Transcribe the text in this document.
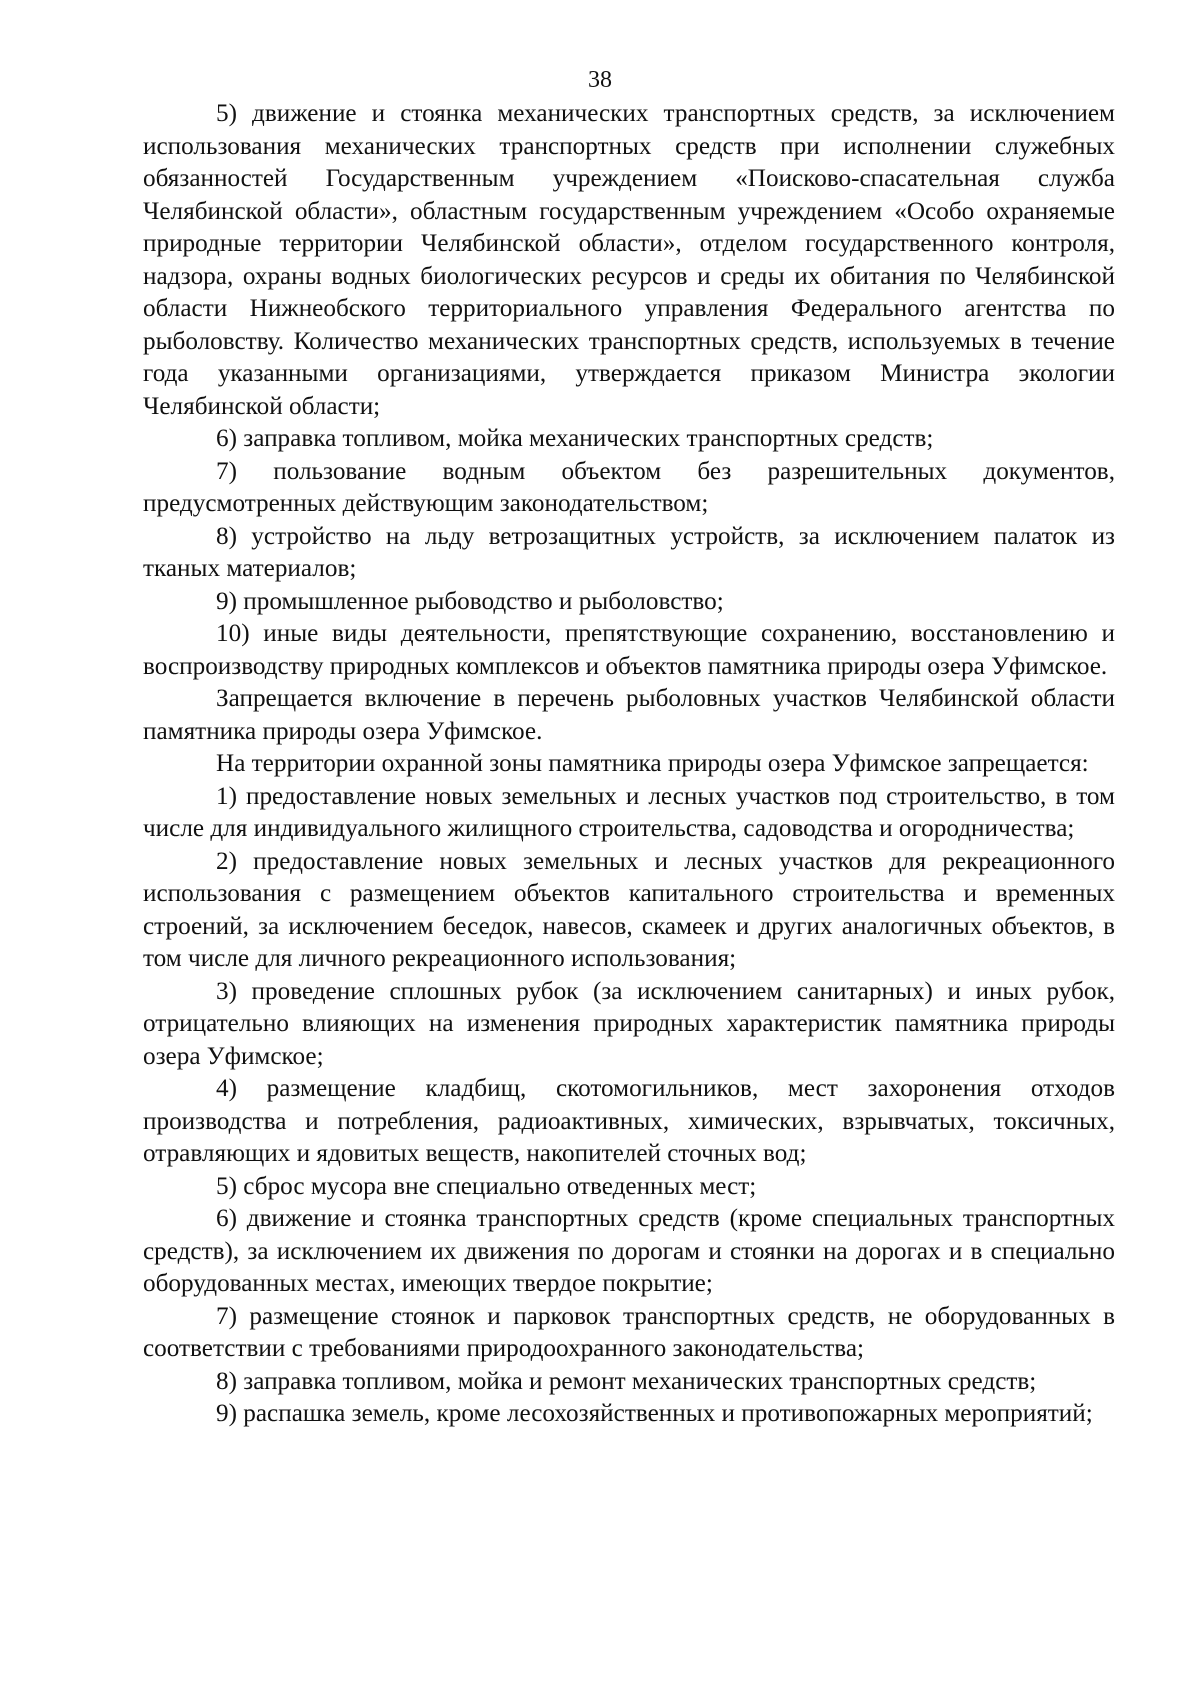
38

5) движение и стоянка механических транспортных средств, за исключением использования механических транспортных средств при исполнении служебных обязанностей Государственным учреждением «Поисково-спасательная служба Челябинской области», областным государственным учреждением «Особо охраняемые природные территории Челябинской области», отделом государственного контроля, надзора, охраны водных биологических ресурсов и среды их обитания по Челябинской области Нижнеобского территориального управления Федерального агентства по рыболовству. Количество механических транспортных средств, используемых в течение года указанными организациями, утверждается приказом Министра экологии Челябинской области;

6) заправка топливом, мойка механических транспортных средств;

7) пользование водным объектом без разрешительных документов, предусмотренных действующим законодательством;

8) устройство на льду ветрозащитных устройств, за исключением палаток из тканых материалов;

9) промышленное рыбоводство и рыболовство;

10) иные виды деятельности, препятствующие сохранению, восстановлению и воспроизводству природных комплексов и объектов памятника природы озера Уфимское.

Запрещается включение в перечень рыболовных участков Челябинской области памятника природы озера Уфимское.

На территории охранной зоны памятника природы озера Уфимское запрещается:

1) предоставление новых земельных и лесных участков под строительство, в том числе для индивидуального жилищного строительства, садоводства и огородничества;

2) предоставление новых земельных и лесных участков для рекреационного использования с размещением объектов капитального строительства и временных строений, за исключением беседок, навесов, скамеек и других аналогичных объектов, в том числе для личного рекреационного использования;

3) проведение сплошных рубок (за исключением санитарных) и иных рубок, отрицательно влияющих на изменения природных характеристик памятника природы озера Уфимское;

4) размещение кладбищ, скотомогильников, мест захоронения отходов производства и потребления, радиоактивных, химических, взрывчатых, токсичных, отравляющих и ядовитых веществ, накопителей сточных вод;

5) сброс мусора вне специально отведенных мест;

6) движение и стоянка транспортных средств (кроме специальных транспортных средств), за исключением их движения по дорогам и стоянки на дорогах и в специально оборудованных местах, имеющих твердое покрытие;

7) размещение стоянок и парковок транспортных средств, не оборудованных в соответствии с требованиями природоохранного законодательства;

8) заправка топливом, мойка и ремонт механических транспортных средств;

9) распашка земель, кроме лесохозяйственных и противопожарных мероприятий;
